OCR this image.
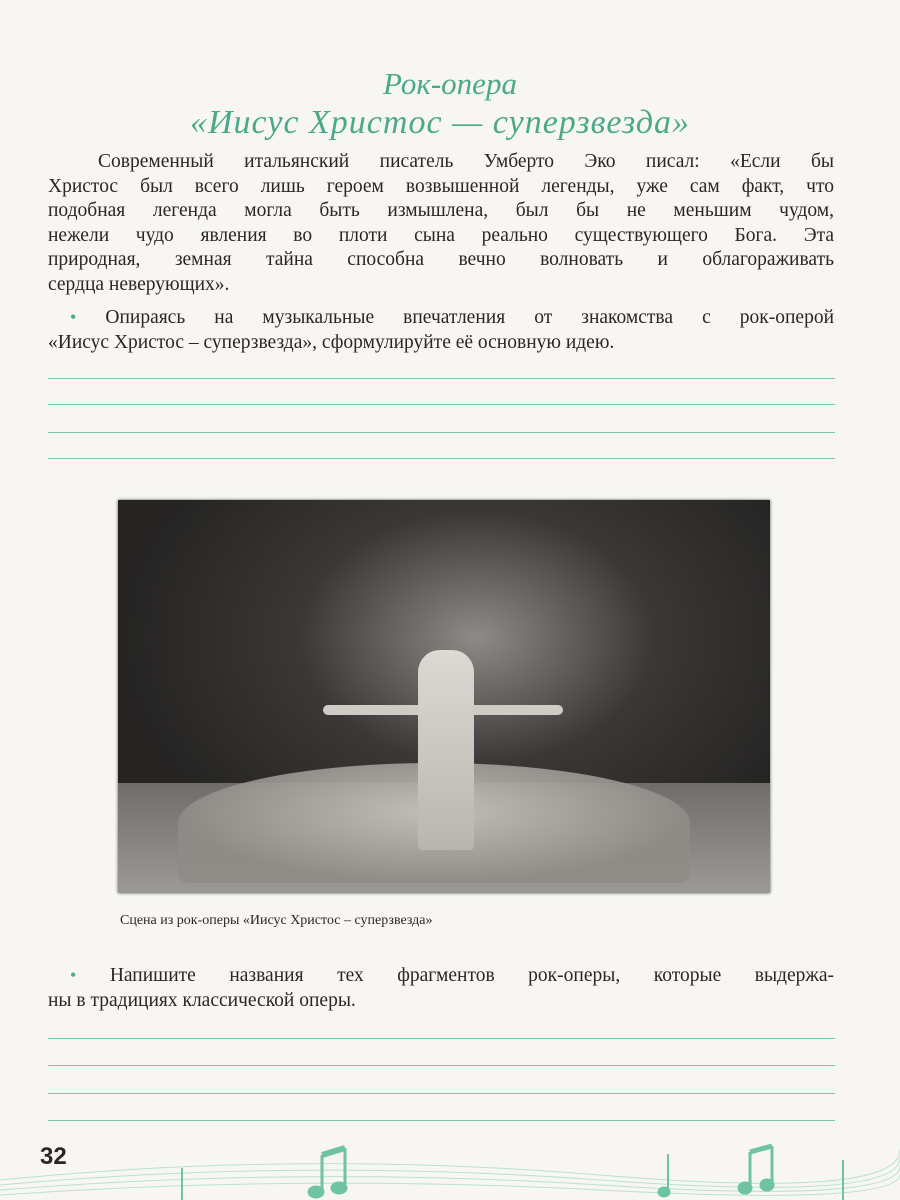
Рок-опера
«Иисус Христос — суперзвезда»
Современный итальянский писатель Умберто Эко писал: «Если бы
Христос был всего лишь героем возвышенной легенды, уже сам факт, что
подобная легенда могла быть измышлена, был бы не меньшим чудом,
нежели чудо явления во плоти сына реально существующего Бога. Эта
природная, земная тайна способна вечно волновать и облагораживать
сердца неверующих».
• Опираясь на музыкальные впечатления от знакомства с рок-оперой
«Иисус Христос – суперзвезда», сформулируйте её основную идею.
Сцена из рок-оперы «Иисус Христос – суперзвезда»
• Напишите названия тех фрагментов рок-оперы, которые выдержа-
ны в традициях классической оперы.
32
